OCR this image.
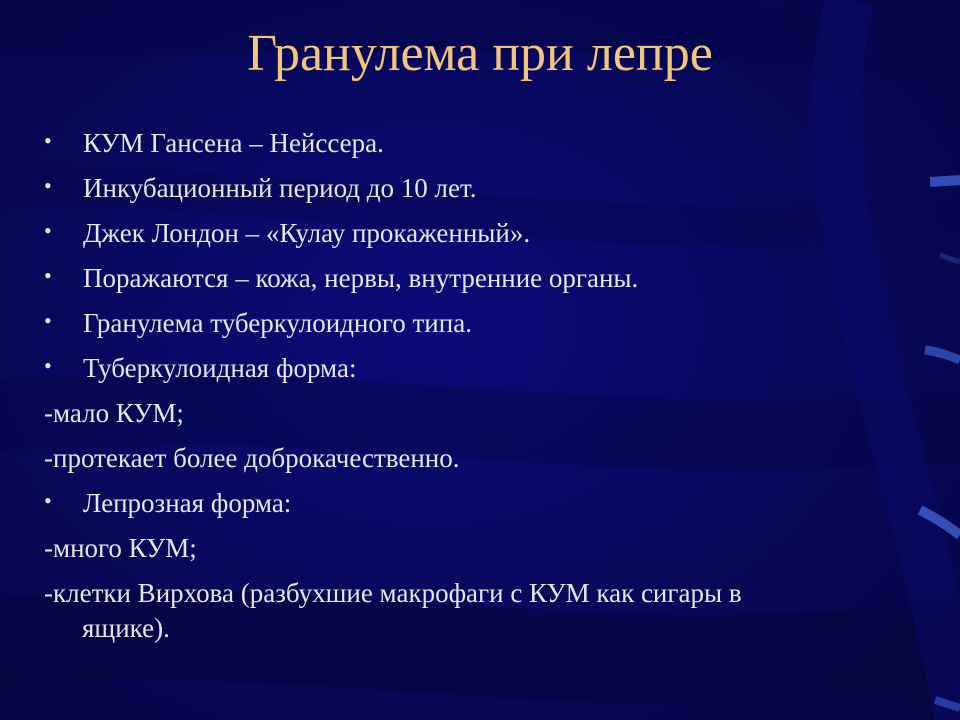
Гранулема при лепре
• КУМ Гансена – Нейссера.
• Инкубационный период до 10 лет.
• Джек Лондон – «Кулау прокаженный».
• Поражаются – кожа, нервы, внутренние органы.
• Гранулема туберкулоидного типа.
• Туберкулоидная форма:
-мало КУМ;
-протекает более доброкачественно.
• Лепрозная форма:
-много КУМ;
-клетки Вирхова (разбухшие макрофаги с КУМ как сигары в
ящике).
